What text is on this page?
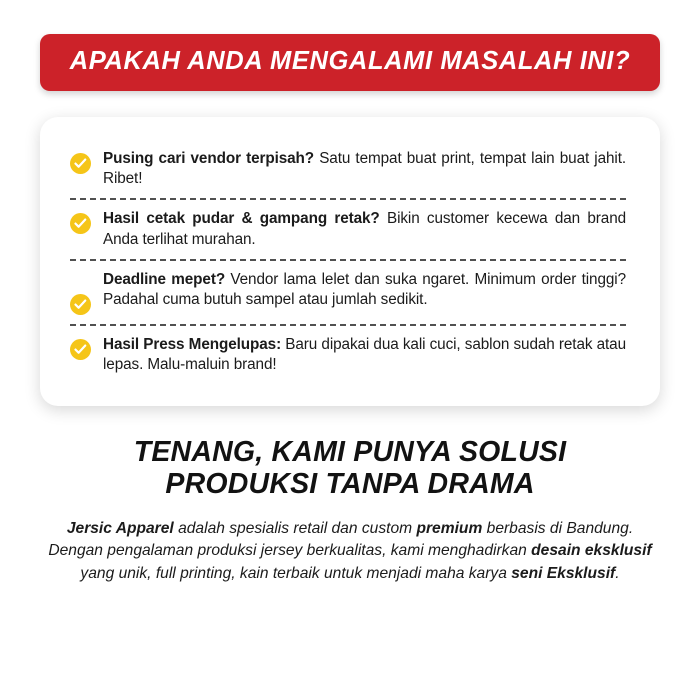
APAKAH ANDA MENGALAMI MASALAH INI?
Pusing cari vendor terpisah? Satu tempat buat print, tempat lain buat jahit. Ribet!
Hasil cetak pudar & gampang retak? Bikin customer kecewa dan brand Anda terlihat murahan.
Deadline mepet? Vendor lama lelet dan suka ngaret. Minimum order tinggi? Padahal cuma butuh sampel atau jumlah sedikit.
Hasil Press Mengelupas: Baru dipakai dua kali cuci, sablon sudah retak atau lepas. Malu-maluin brand!
TENANG, KAMI PUNYA SOLUSI
PRODUKSI TANPA DRAMA
Jersic Apparel adalah spesialis retail dan custom premium berbasis di Bandung. Dengan pengalaman produksi jersey berkualitas, kami menghadirkan desain eksklusif yang unik, full printing, kain terbaik untuk menjadi maha karya seni Eksklusif.
